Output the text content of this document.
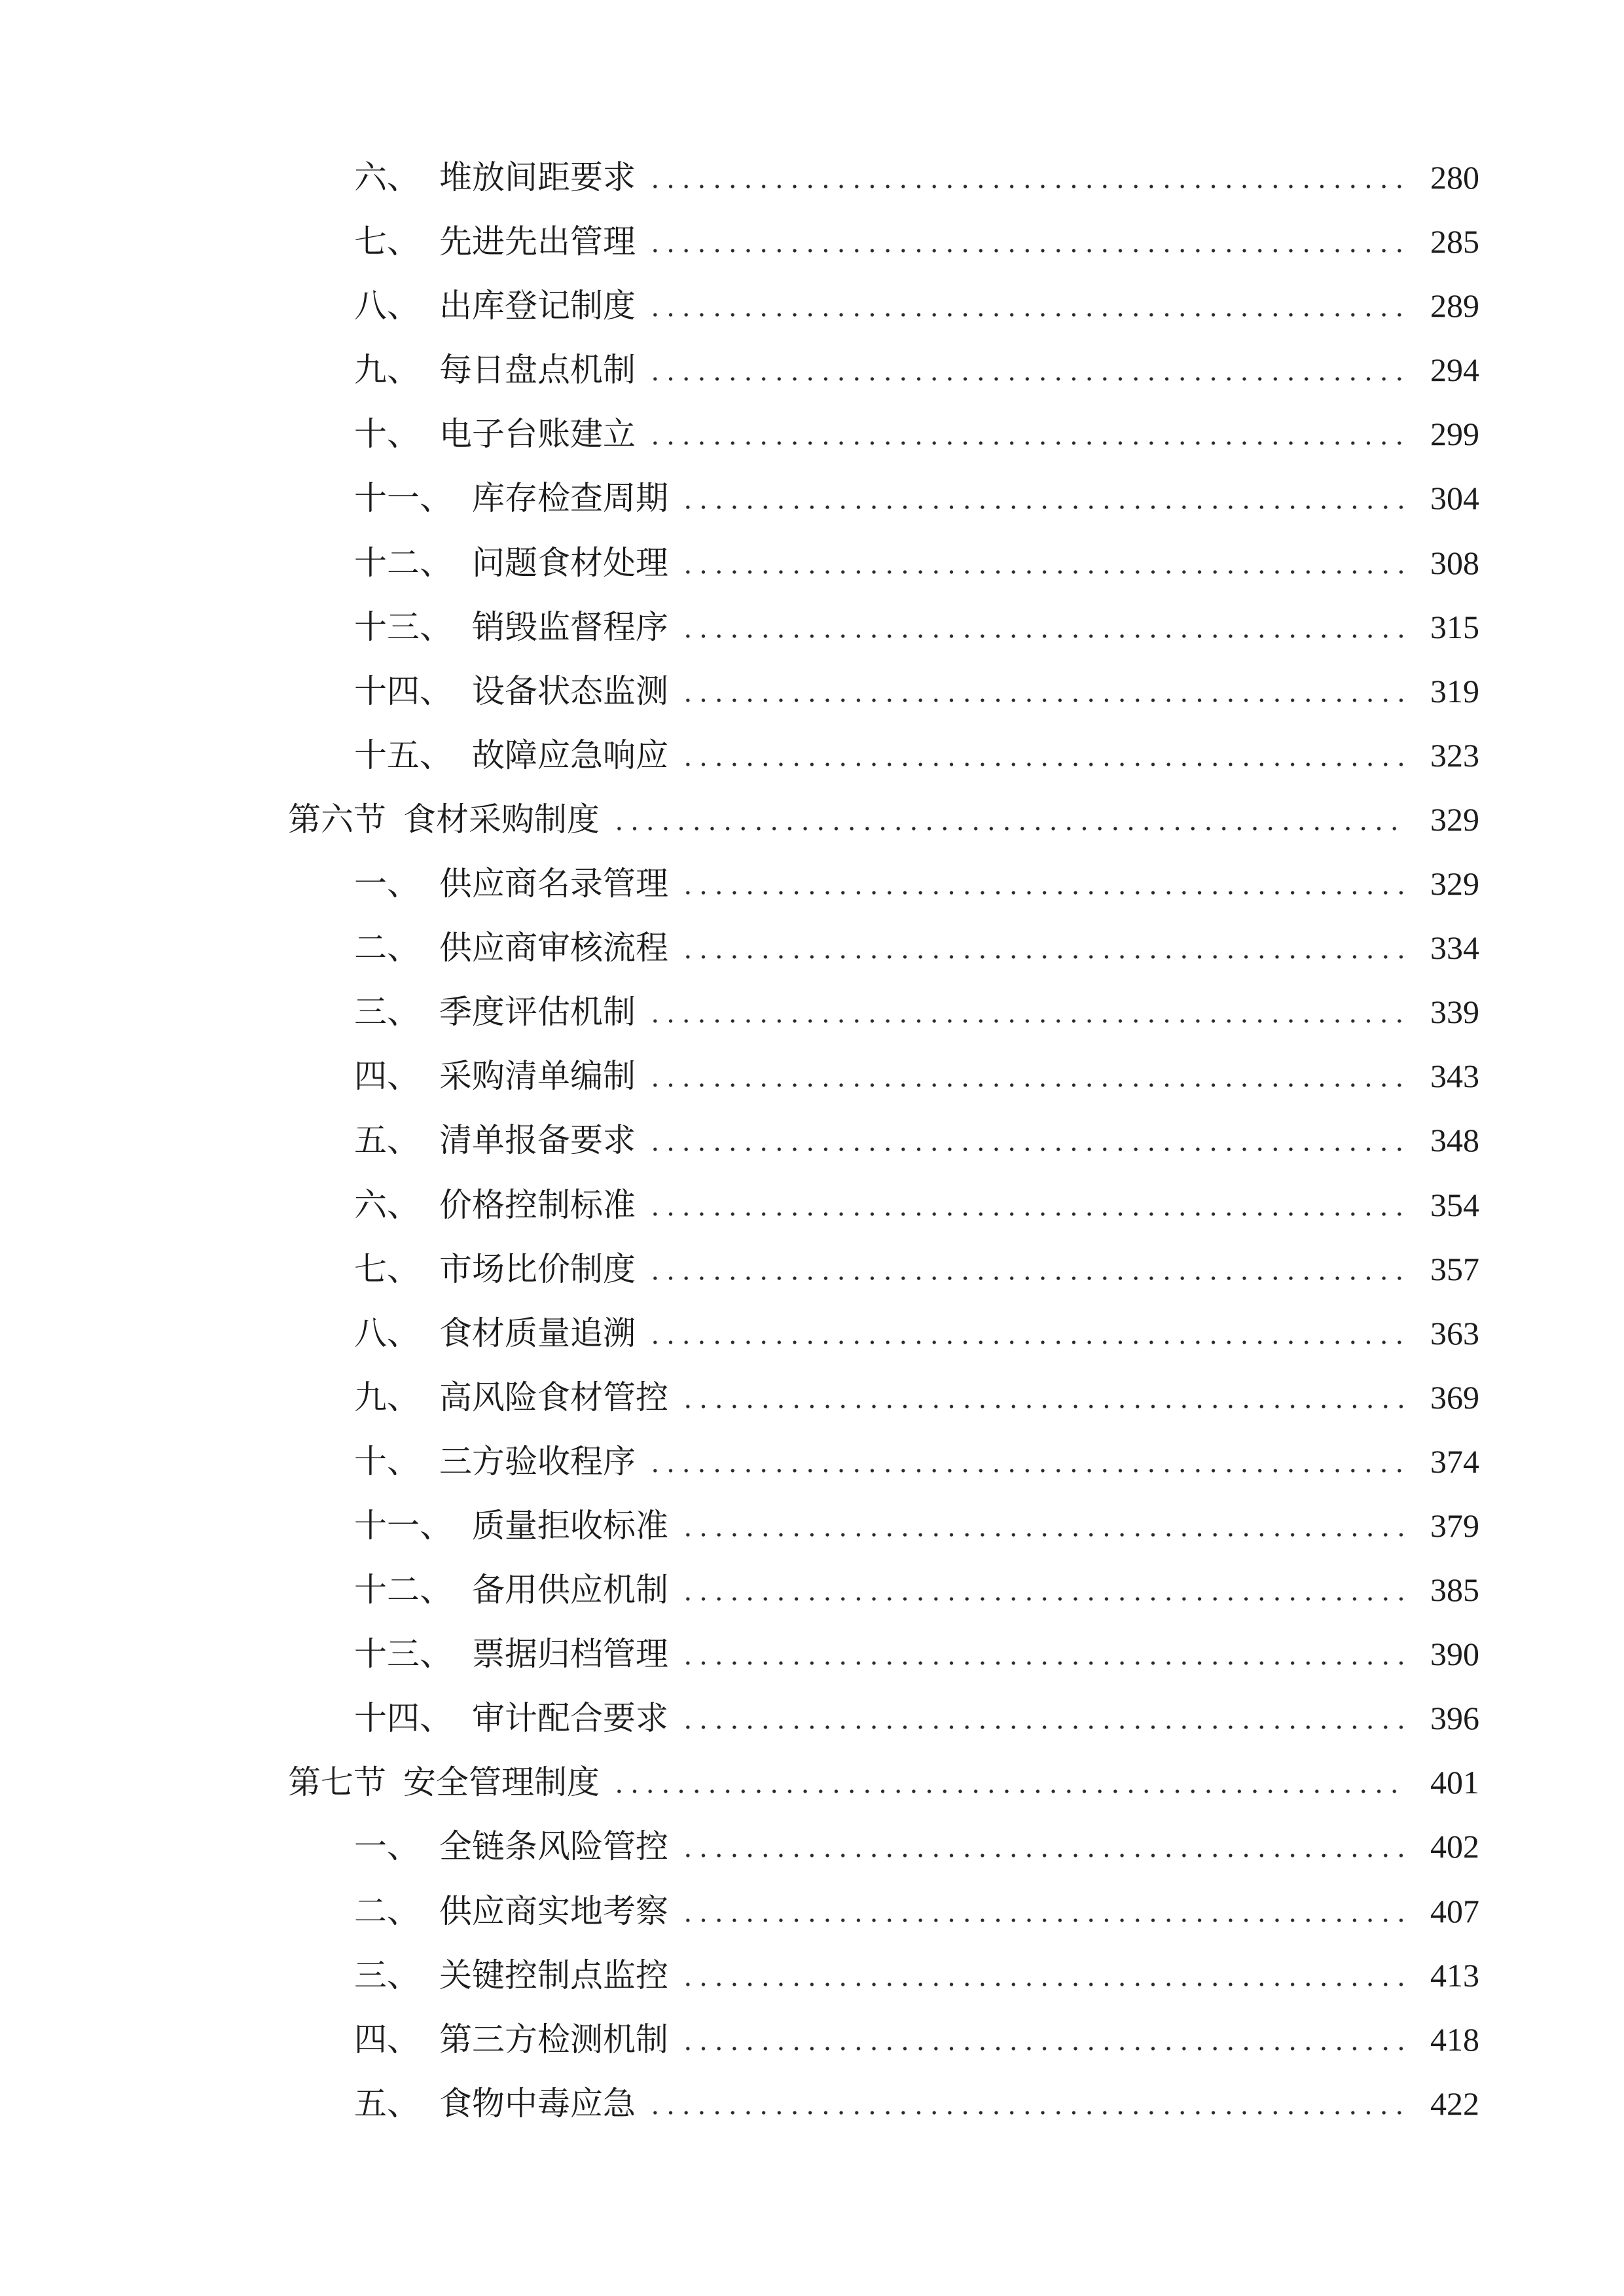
六、 堆放间距要求	280
七、 先进先出管理	285
八、 出库登记制度	289
九、 每日盘点机制	294
十、 电子台账建立	299
十一、 库存检查周期	304
十二、 问题食材处理	308
十三、 销毁监督程序	315
十四、 设备状态监测	319
十五、 故障应急响应	323
第六节 食材采购制度	329
一、 供应商名录管理	329
二、 供应商审核流程	334
三、 季度评估机制	339
四、 采购清单编制	343
五、 清单报备要求	348
六、 价格控制标准	354
七、 市场比价制度	357
八、 食材质量追溯	363
九、 高风险食材管控	369
十、 三方验收程序	374
十一、 质量拒收标准	379
十二、 备用供应机制	385
十三、 票据归档管理	390
十四、 审计配合要求	396
第七节 安全管理制度	401
一、 全链条风险管控	402
二、 供应商实地考察	407
三、 关键控制点监控	413
四、 第三方检测机制	418
五、 食物中毒应急	422
